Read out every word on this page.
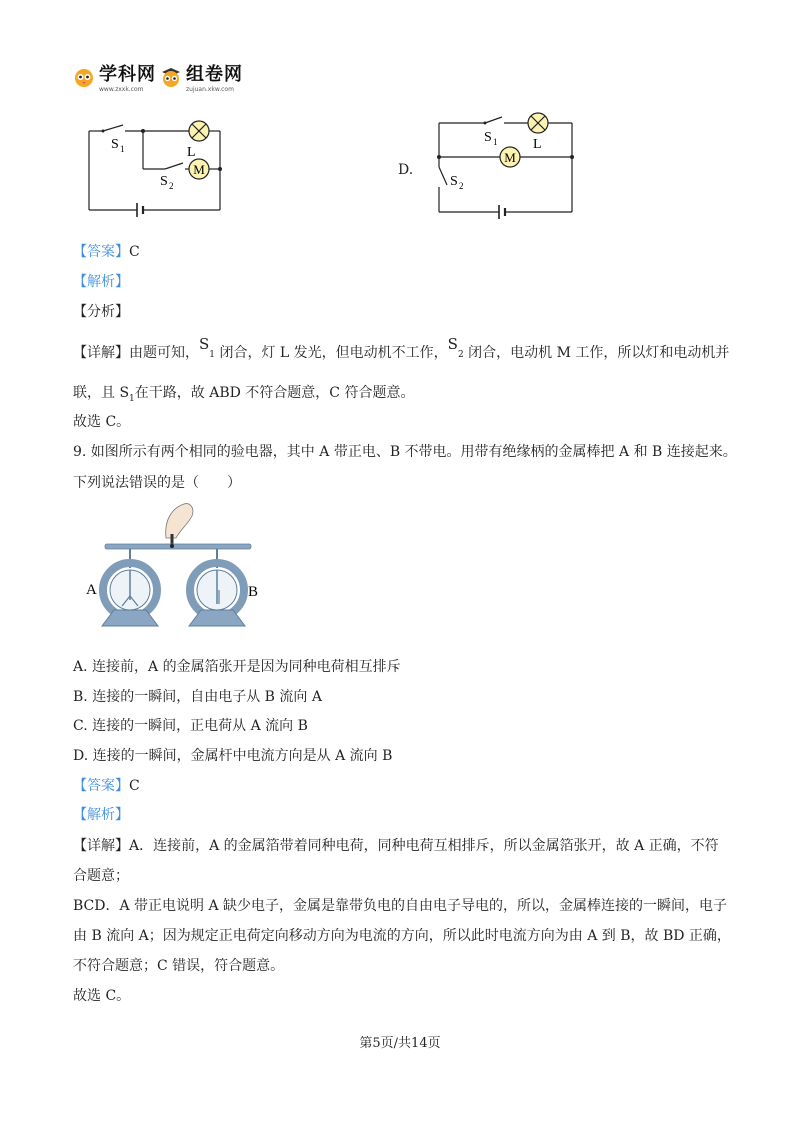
学科网
www.zxxk.com
组卷网
zujuan.xkw.com
M
L
S 1
S 2
D.
M
L
S 1
S 2
【答案】C
【解析】
【分析】
【详解】由题可知，$S_1$ 闭合，灯 L 发光，但电动机不工作，$S_2$ 闭合，电动机 M 工作，所以灯和电动机并
联，且 $S_1$在干路，故 ABD 不符合题意，C 符合题意。
故选 C。
9. 如图所示有两个相同的验电器，其中 A 带正电、B 不带电。用带有绝缘柄的金属棒把 A 和 B 连接起来。
下列说法错误的是（　　）
A	B
A. 连接前，A 的金属箔张开是因为同种电荷相互排斥
B. 连接的一瞬间，自由电子从 B 流向 A
C. 连接的一瞬间，正电荷从 A 流向 B
D. 连接的一瞬间，金属杆中电流方向是从 A 流向 B
【答案】C
【解析】
【详解】A．连接前，A 的金属箔带着同种电荷，同种电荷互相排斥，所以金属箔张开，故 A 正确，不符
合题意；
BCD．A 带正电说明 A 缺少电子，金属是靠带负电的自由电子导电的，所以，金属棒连接的一瞬间，电子
由 B 流向 A；因为规定正电荷定向移动方向为电流的方向，所以此时电流方向为由 A 到 B，故 BD 正确，
不符合题意；C 错误，符合题意。
故选 C。
第5页/共14页
